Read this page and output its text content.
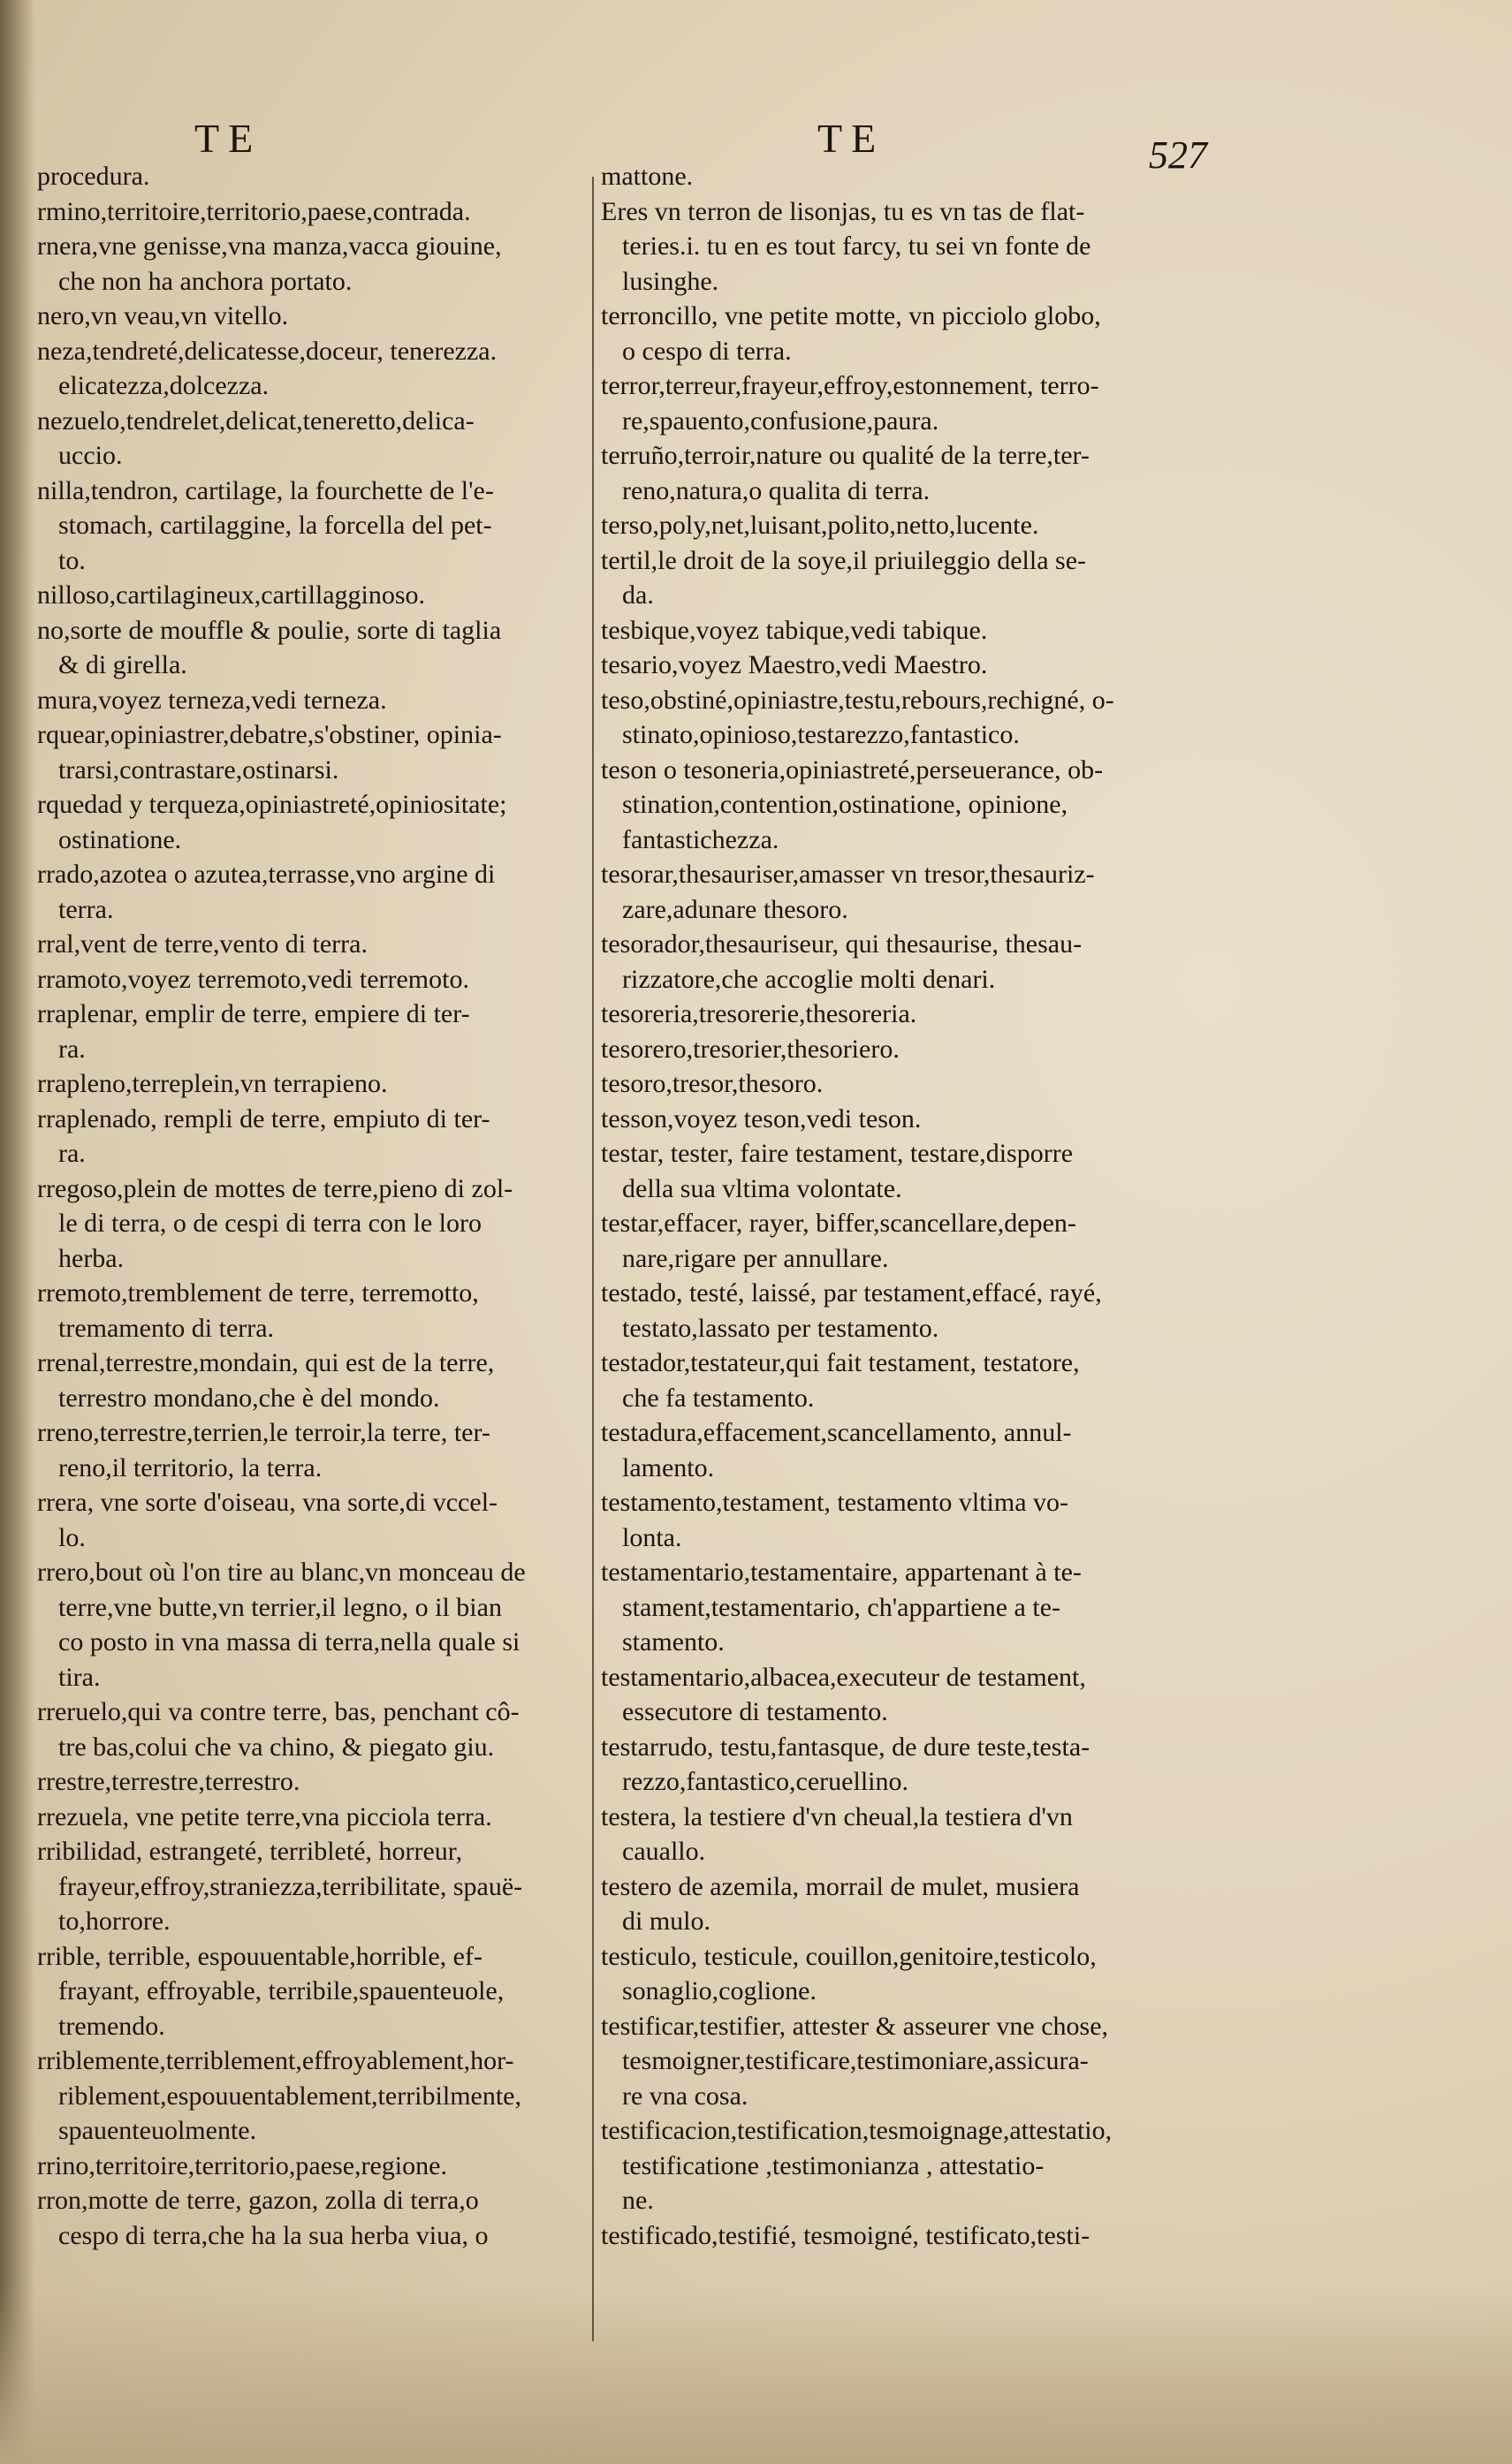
TE	TE	527
procedura.
rmino,territoire,territorio,paese,contrada.
rnera,vne genisse,vna manza,vacca giouine,
che non ha anchora portato.
nero,vn veau,vn vitello.
neza,tendreté,delicatesse,doceur, tenerezza.
elicatezza,dolcezza.
nezuelo,tendrelet,delicat,teneretto,delica-
uccio.
nilla,tendron, cartilage, la fourchette de l'e-
stomach, cartilaggine, la forcella del pet-
to.
nilloso,cartilagineux,cartillagginoso.
no,sorte de mouffle & poulie, sorte di taglia
& di girella.
mura,voyez terneza,vedi terneza.
rquear,opiniastrer,debatre,s'obstiner, opinia-
trarsi,contrastare,ostinarsi.
rquedad y terqueza,opiniastreté,opiniositate;
ostinatione.
rrado,azotea o azutea,terrasse,vno argine di
terra.
rral,vent de terre,vento di terra.
rramoto,voyez terremoto,vedi terremoto.
rraplenar, emplir de terre, empiere di ter-
ra.
rrapleno,terreplein,vn terrapieno.
rraplenado, rempli de terre, empiuto di ter-
ra.
rregoso,plein de mottes de terre,pieno di zol-
le di terra, o de cespi di terra con le loro
herba.
rremoto,tremblement de terre, terremotto,
tremamento di terra.
rrenal,terrestre,mondain, qui est de la terre,
terrestro mondano,che è del mondo.
rreno,terrestre,terrien,le terroir,la terre, ter-
reno,il territorio, la terra.
rrera, vne sorte d'oiseau, vna sorte,di vccel-
lo.
rrero,bout où l'on tire au blanc,vn monceau de
terre,vne butte,vn terrier,il legno, o il bian
co posto in vna massa di terra,nella quale si
tira.
rreruelo,qui va contre terre, bas, penchant cô-
tre bas,colui che va chino, & piegato giu.
rrestre,terrestre,terrestro.
rrezuela, vne petite terre,vna picciola terra.
rribilidad, estrangeté, terribleté, horreur,
frayeur,effroy,straniezza,terribilitate, spauë-
to,horrore.
rrible, terrible, espouuentable,horrible, ef-
frayant, effroyable, terribile,spauenteuole,
tremendo.
rriblemente,terriblement,effroyablement,hor-
riblement,espouuentablement,terribilmente,
spauenteuolmente.
rrino,territoire,territorio,paese,regione.
rron,motte de terre, gazon, zolla di terra,o
cespo di terra,che ha la sua herba viua, o
mattone.
Eres vn terron de lisonjas, tu es vn tas de flat-
teries.i. tu en es tout farcy, tu sei vn fonte de
lusinghe.
terroncillo, vne petite motte, vn picciolo globo,
o cespo di terra.
terror,terreur,frayeur,effroy,estonnement, terro-
re,spauento,confusione,paura.
terruño,terroir,nature ou qualité de la terre,ter-
reno,natura,o qualita di terra.
terso,poly,net,luisant,polito,netto,lucente.
tertil,le droit de la soye,il priuileggio della se-
da.
tesbique,voyez tabique,vedi tabique.
tesario,voyez Maestro,vedi Maestro.
teso,obstiné,opiniastre,testu,rebours,rechigné, o-
stinato,opinioso,testarezzo,fantastico.
teson o tesoneria,opiniastreté,perseuerance, ob-
stination,contention,ostinatione, opinione,
fantastichezza.
tesorar,thesauriser,amasser vn tresor,thesauriz-
zare,adunare thesoro.
tesorador,thesauriseur, qui thesaurise, thesau-
rizzatore,che accoglie molti denari.
tesoreria,tresorerie,thesoreria.
tesorero,tresorier,thesoriero.
tesoro,tresor,thesoro.
tesson,voyez teson,vedi teson.
testar, tester, faire testament, testare,disporre
della sua vltima volontate.
testar,effacer, rayer, biffer,scancellare,depen-
nare,rigare per annullare.
testado, testé, laissé, par testament,effacé, rayé,
testato,lassato per testamento.
testador,testateur,qui fait testament, testatore,
che fa testamento.
testadura,effacement,scancellamento, annul-
lamento.
testamento,testament, testamento vltima vo-
lonta.
testamentario,testamentaire, appartenant à te-
stament,testamentario, ch'appartiene a te-
stamento.
testamentario,albacea,executeur de testament,
essecutore di testamento.
testarrudo, testu,fantasque, de dure teste,testa-
rezzo,fantastico,ceruellino.
testera, la testiere d'vn cheual,la testiera d'vn
cauallo.
testero de azemila, morrail de mulet, musiera
di mulo.
testiculo, testicule, couillon,genitoire,testicolo,
sonaglio,coglione.
testificar,testifier, attester & asseurer vne chose,
tesmoigner,testificare,testimoniare,assicura-
re vna cosa.
testificacion,testification,tesmoignage,attestatio,
testificatione ,testimonianza , attestatio-
ne.
testificado,testifié, tesmoigné, testificato,testi-
